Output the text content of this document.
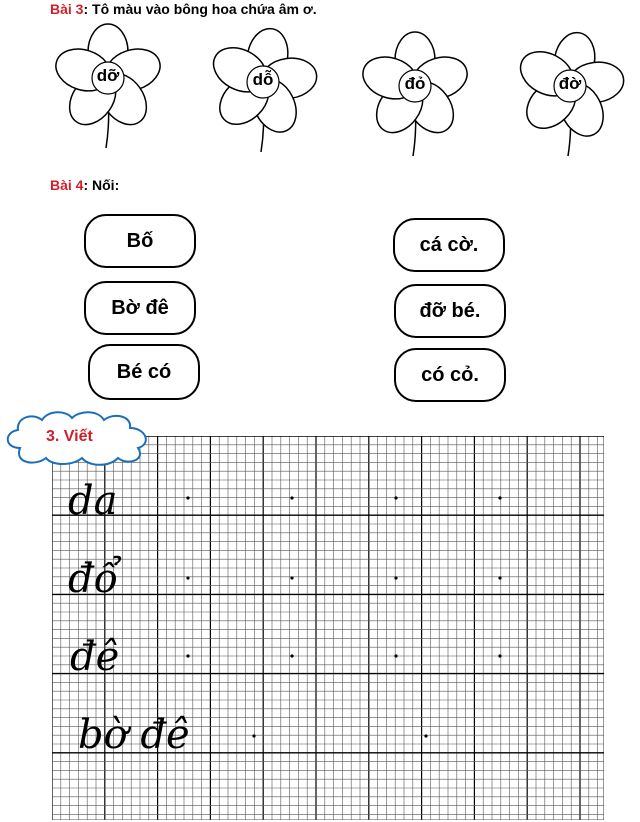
Bài 3: Tô màu vào bông hoa chứa âm ơ.
dỡ	dỗ	đỏ	đờ
Bài 4: Nối:
Bố
Bờ đê
Bé có
cá cờ.
đỡ bé.
có cỏ.
3. Viết
da
đổ
đê
bờ đê
